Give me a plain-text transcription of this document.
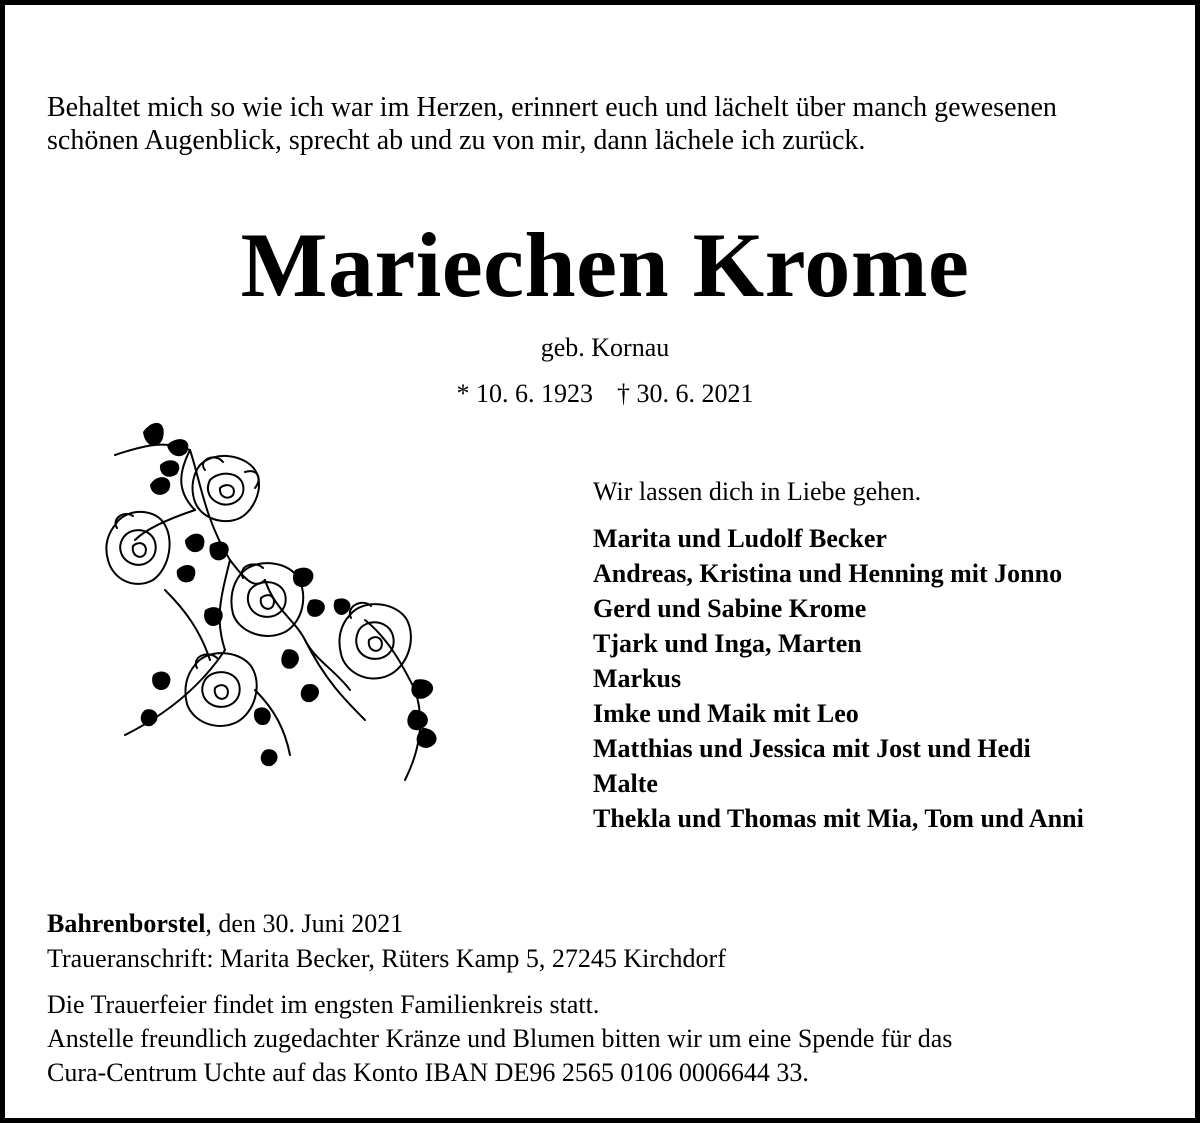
Behaltet mich so wie ich war im Herzen, erinnert euch und lächelt über manch gewesenen
schönen Augenblick, sprecht ab und zu von mir, dann lächele ich zurück.

Mariechen Krome
geb. Kornau
* 10. 6. 1923 † 30. 6. 2021
Wir lassen dich in Liebe gehen.
Marita und Ludolf Becker
Andreas, Kristina und Henning mit Jonno
Gerd und Sabine Krome
Tjark und Inga, Marten
Markus
Imke und Maik mit Leo
Matthias und Jessica mit Jost und Hedi
Malte
Thekla und Thomas mit Mia, Tom und Anni
Bahrenborstel, den 30. Juni 2021
Traueranschrift: Marita Becker, Rüters Kamp 5, 27245 Kirchdorf
Die Trauerfeier findet im engsten Familienkreis statt.
Anstelle freundlich zugedachter Kränze und Blumen bitten wir um eine Spende für das
Cura-Centrum Uchte auf das Konto IBAN DE96 2565 0106 0006644 33.
